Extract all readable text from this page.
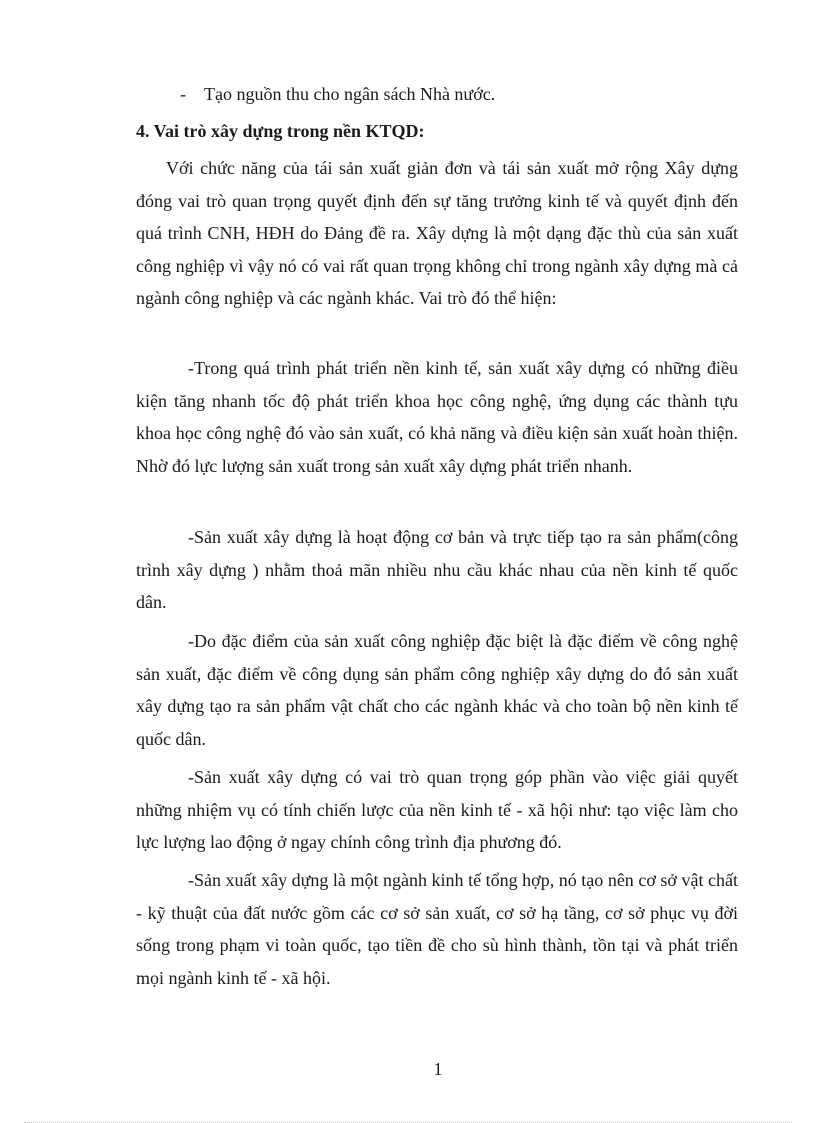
- Tạo nguồn thu cho ngân sách Nhà nước.
4. Vai trò xây dựng trong nền KTQD:

Với chức năng của tái sản xuất giản đơn và tái sản xuất mở rộng Xây dựng đóng vai trò quan trọng quyết định đến sự tăng trưởng kinh tế và quyết định đến quá trình CNH, HĐH do Đảng đề ra. Xây dựng là một dạng đặc thù của sản xuất công nghiệp vì vậy nó có vai rất quan trọng không chỉ trong ngành xây dựng mà cả ngành công nghiệp và các ngành khác. Vai trò đó thể hiện:

-Trong quá trình phát triển nền kinh tế, sản xuất xây dựng có những điều kiện tăng nhanh tốc độ phát triển khoa học công nghệ, ứng dụng các thành tựu khoa học công nghệ đó vào sản xuất, có khả năng và điều kiện sản xuất hoàn thiện. Nhờ đó lực lượng sản xuất trong sản xuất xây dựng phát triển nhanh.

-Sản xuất xây dựng là hoạt động cơ bản và trực tiếp tạo ra sản phẩm(công trình xây dựng ) nhằm thoả mãn nhiều nhu cầu khác nhau của nền kinh tế quốc dân.

-Do đặc điểm của sản xuất công nghiệp đặc biệt là đặc điểm về công nghệ sản xuất, đặc điểm về công dụng sản phẩm công nghiệp xây dựng do đó sản xuất xây dựng tạo ra sản phẩm vật chất cho các ngành khác và cho toàn bộ nền kinh tế quốc dân.

-Sản xuất xây dựng có vai trò quan trọng góp phần vào việc giải quyết những nhiệm vụ có tính chiến lược của nền kinh tế - xã hội như: tạo việc làm cho lực lượng lao động ở ngay chính công trình địa phương đó.

-Sản xuất xây dựng là một ngành kinh tế tổng hợp, nó tạo nên cơ sở vật chất - kỹ thuật của đất nước gồm các cơ sở sản xuất, cơ sở hạ tầng, cơ sở phục vụ đời sống trong phạm vi toàn quốc, tạo tiền đề cho sù hình thành, tồn tại và phát triển mọi ngành kinh tế - xã hội.

1
